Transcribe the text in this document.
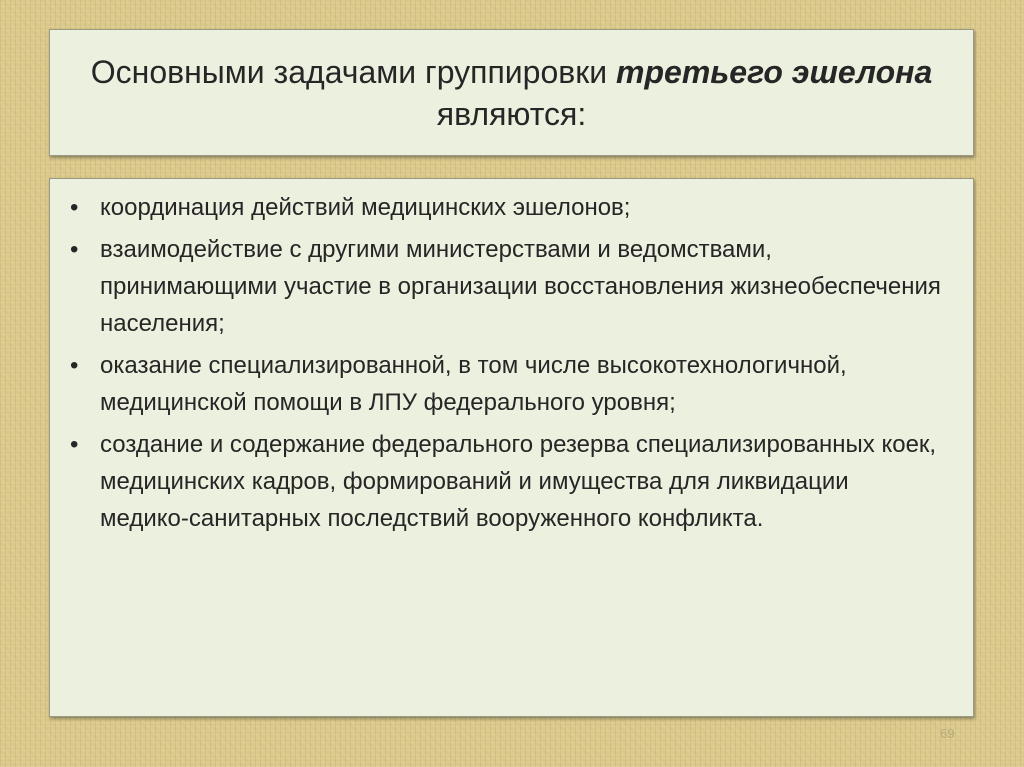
Основными задачами группировки третьего эшелона являются:
• координация действий медицинских эшелонов;
• взаимодействие с другими министерствами и ведомствами, принимающими участие в организации восстановления жизнеобеспечения населения;
• оказание специализированной, в том числе высокотехнологичной, медицинской помощи в ЛПУ федерального уровня;
• создание и содержание федерального резерва специализированных коек, медицинских кадров, формирований и имущества для ликвидации медико-санитарных последствий вооруженного конфликта.
69
